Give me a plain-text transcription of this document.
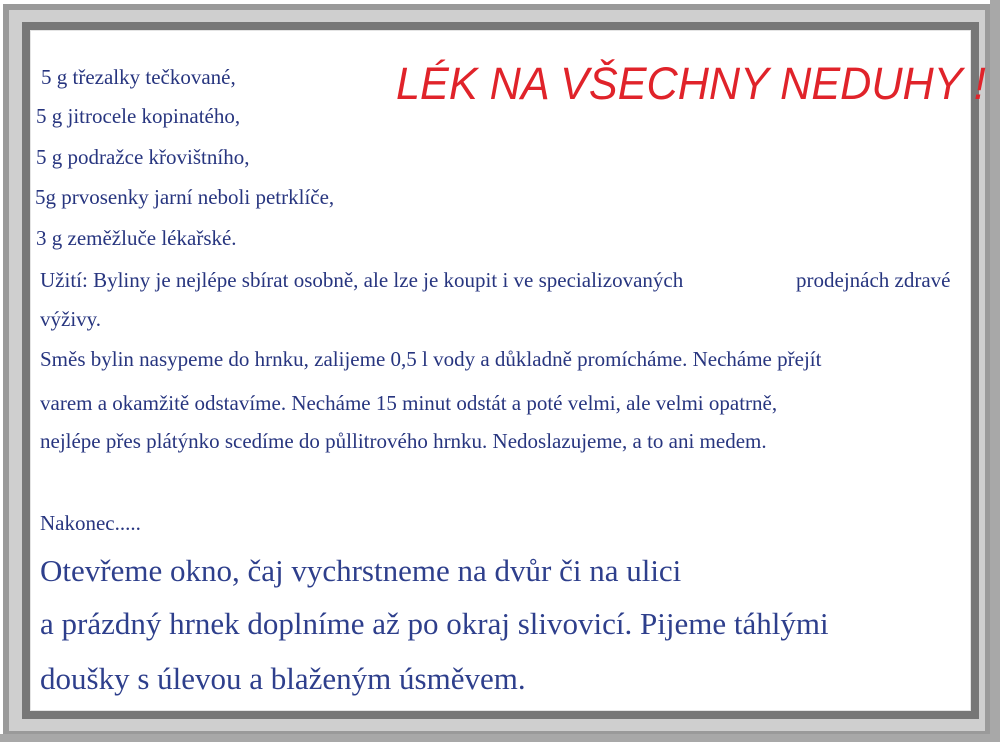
LÉK NA VŠECHNY NEDUHY !
5 g třezalky tečkované,
5 g jitrocele kopinatého,
5 g podražce křovištního,
5g prvosenky jarní neboli petrklíče,
3 g zeměžluče lékařské.
Užití: Byliny je nejlépe sbírat osobně, ale lze je koupit i ve specializovaných	prodejnách zdravé
výživy.
Směs bylin nasypeme do hrnku, zalijeme 0,5 l vody a důkladně promícháme. Necháme přejít
varem a okamžitě odstavíme. Necháme 15 minut odstát a poté velmi, ale velmi opatrně,
nejlépe přes plátýnko scedíme do půllitrového hrnku. Nedoslazujeme, a to ani medem.
Nakonec.....
Otevřeme okno, čaj vychrstneme na dvůr či na ulici
a prázdný hrnek doplníme až po okraj slivovicí. Pijeme táhlými
doušky s úlevou a blaženým úsměvem.
